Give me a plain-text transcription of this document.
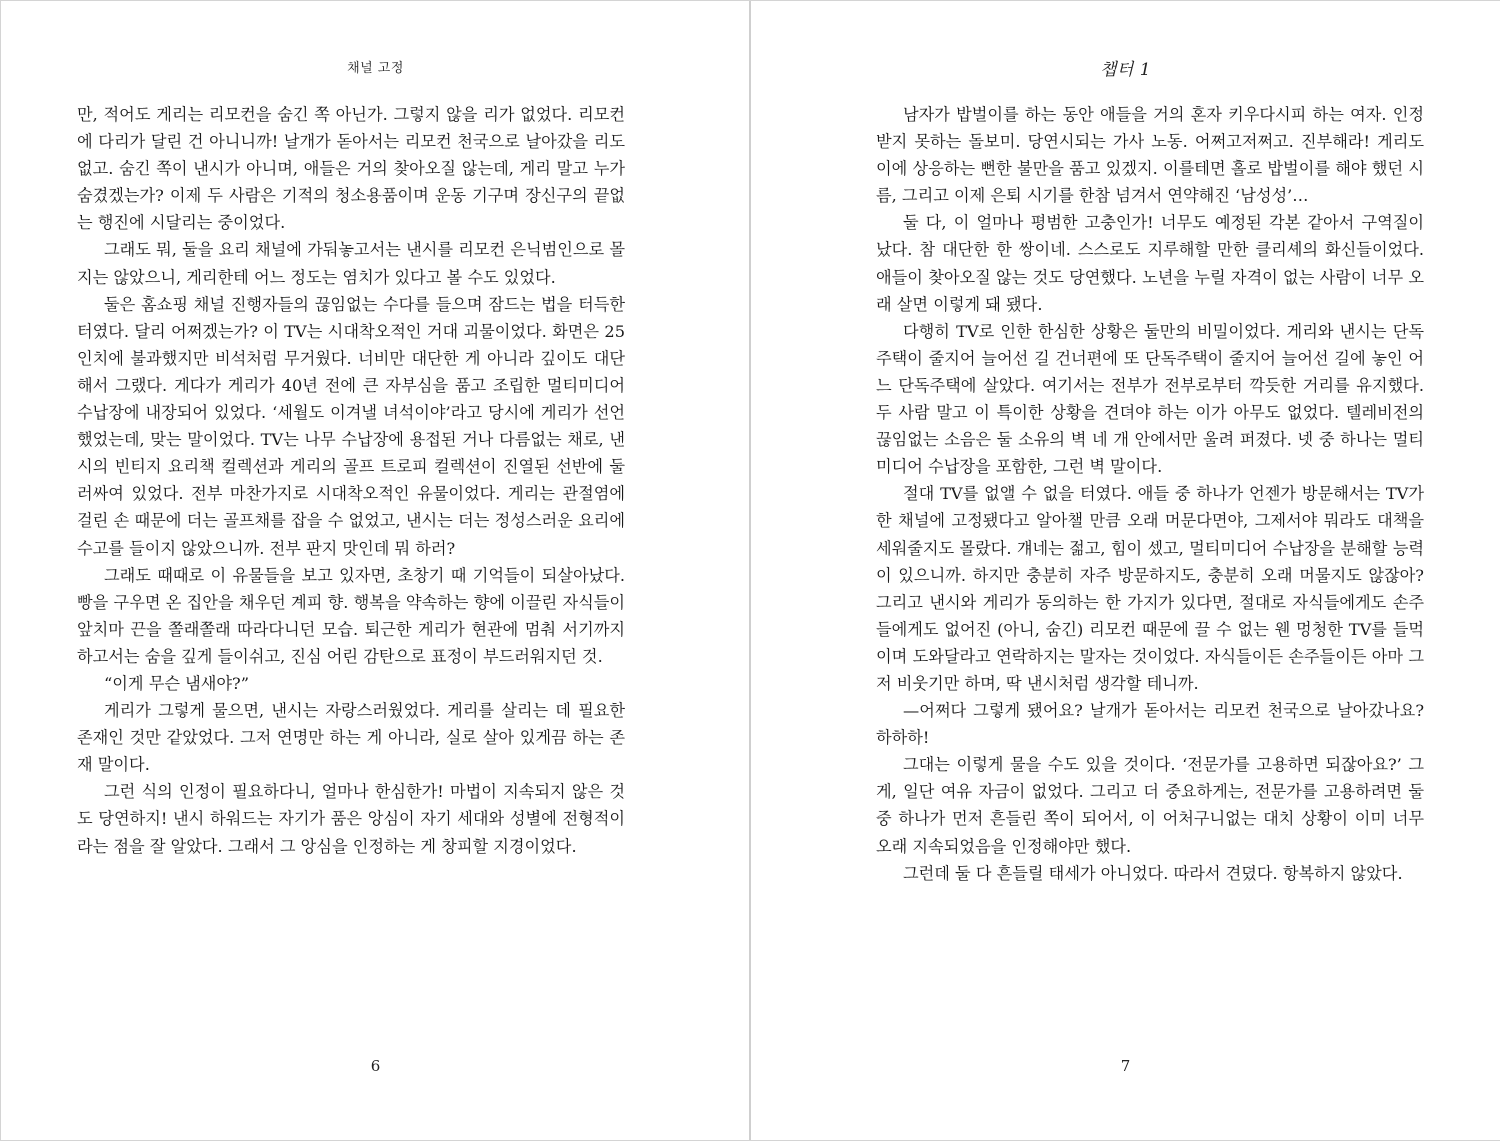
채널 고정

만, 적어도 게리는 리모컨을 숨긴 쪽 아닌가. 그렇지 않을 리가 없었다. 리모컨에 다리가 달린 건 아니니까! 날개가 돋아서는 리모컨 천국으로 날아갔을 리도 없고. 숨긴 쪽이 낸시가 아니며, 애들은 거의 찾아오질 않는데, 게리 말고 누가 숨겼겠는가? 이제 두 사람은 기적의 청소용품이며 운동 기구며 장신구의 끝없는 행진에 시달리는 중이었다.

그래도 뭐, 둘을 요리 채널에 가둬놓고서는 낸시를 리모컨 은닉범인으로 몰지는 않았으니, 게리한테 어느 정도는 염치가 있다고 볼 수도 있었다.

둘은 홈쇼핑 채널 진행자들의 끊임없는 수다를 들으며 잠드는 법을 터득한 터였다. 달리 어쩌겠는가? 이 TV는 시대착오적인 거대 괴물이었다. 화면은 25인치에 불과했지만 비석처럼 무거웠다. 너비만 대단한 게 아니라 깊이도 대단해서 그랬다. 게다가 게리가 40년 전에 큰 자부심을 품고 조립한 멀티미디어 수납장에 내장되어 있었다. ‘세월도 이겨낼 녀석이야’라고 당시에 게리가 선언했었는데, 맞는 말이었다. TV는 나무 수납장에 용접된 거나 다름없는 채로, 낸시의 빈티지 요리책 컬렉션과 게리의 골프 트로피 컬렉션이 진열된 선반에 둘러싸여 있었다. 전부 마찬가지로 시대착오적인 유물이었다. 게리는 관절염에 걸린 손 때문에 더는 골프채를 잡을 수 없었고, 낸시는 더는 정성스러운 요리에 수고를 들이지 않았으니까. 전부 판지 맛인데 뭐 하러?

그래도 때때로 이 유물들을 보고 있자면, 초창기 때 기억들이 되살아났다. 빵을 구우면 온 집안을 채우던 계피 향. 행복을 약속하는 향에 이끌린 자식들이 앞치마 끈을 쫄래쫄래 따라다니던 모습. 퇴근한 게리가 현관에 멈춰 서기까지 하고서는 숨을 깊게 들이쉬고, 진심 어린 감탄으로 표정이 부드러워지던 것.

“이게 무슨 냄새야?”

게리가 그렇게 물으면, 낸시는 자랑스러웠었다. 게리를 살리는 데 필요한 존재인 것만 같았었다. 그저 연명만 하는 게 아니라, 실로 살아 있게끔 하는 존재 말이다.

그런 식의 인정이 필요하다니, 얼마나 한심한가! 마법이 지속되지 않은 것도 당연하지! 낸시 하워드는 자기가 품은 앙심이 자기 세대와 성별에 전형적이라는 점을 잘 알았다. 그래서 그 앙심을 인정하는 게 창피할 지경이었다.

6
챕터 1

남자가 밥벌이를 하는 동안 애들을 거의 혼자 키우다시피 하는 여자. 인정받지 못하는 돌보미. 당연시되는 가사 노동. 어쩌고저쩌고. 진부해라! 게리도 이에 상응하는 뻔한 불만을 품고 있겠지. 이를테면 홀로 밥벌이를 해야 했던 시름, 그리고 이제 은퇴 시기를 한참 넘겨서 연약해진 ‘남성성’…

둘 다, 이 얼마나 평범한 고충인가! 너무도 예정된 각본 같아서 구역질이 났다. 참 대단한 한 쌍이네. 스스로도 지루해할 만한 클리셰의 화신들이었다. 애들이 찾아오질 않는 것도 당연했다. 노년을 누릴 자격이 없는 사람이 너무 오래 살면 이렇게 돼 됐다.

다행히 TV로 인한 한심한 상황은 둘만의 비밀이었다. 게리와 낸시는 단독주택이 줄지어 늘어선 길 건너편에 또 단독주택이 줄지어 늘어선 길에 놓인 어느 단독주택에 살았다. 여기서는 전부가 전부로부터 깍듯한 거리를 유지했다. 두 사람 말고 이 특이한 상황을 견뎌야 하는 이가 아무도 없었다. 텔레비전의 끊임없는 소음은 둘 소유의 벽 네 개 안에서만 울려 퍼졌다. 넷 중 하나는 멀티미디어 수납장을 포함한, 그런 벽 말이다.

절대 TV를 없앨 수 없을 터였다. 애들 중 하나가 언젠가 방문해서는 TV가 한 채널에 고정됐다고 알아챌 만큼 오래 머문다면야, 그제서야 뭐라도 대책을 세워줄지도 몰랐다. 걔네는 젊고, 힘이 셌고, 멀티미디어 수납장을 분해할 능력이 있으니까. 하지만 충분히 자주 방문하지도, 충분히 오래 머물지도 않잖아? 그리고 낸시와 게리가 동의하는 한 가지가 있다면, 절대로 자식들에게도 손주들에게도 없어진 (아니, 숨긴) 리모컨 때문에 끌 수 없는 웬 멍청한 TV를 들먹이며 도와달라고 연락하지는 말자는 것이었다. 자식들이든 손주들이든 아마 그저 비웃기만 하며, 딱 낸시처럼 생각할 테니까.

—어쩌다 그렇게 됐어요? 날개가 돋아서는 리모컨 천국으로 날아갔나요? 하하하!

그대는 이렇게 물을 수도 있을 것이다. ‘전문가를 고용하면 되잖아요?’ 그게, 일단 여유 자금이 없었다. 그리고 더 중요하게는, 전문가를 고용하려면 둘 중 하나가 먼저 흔들린 쪽이 되어서, 이 어처구니없는 대치 상황이 이미 너무 오래 지속되었음을 인정해야만 했다.

그런데 둘 다 흔들릴 태세가 아니었다. 따라서 견뎠다. 항복하지 않았다.

7
